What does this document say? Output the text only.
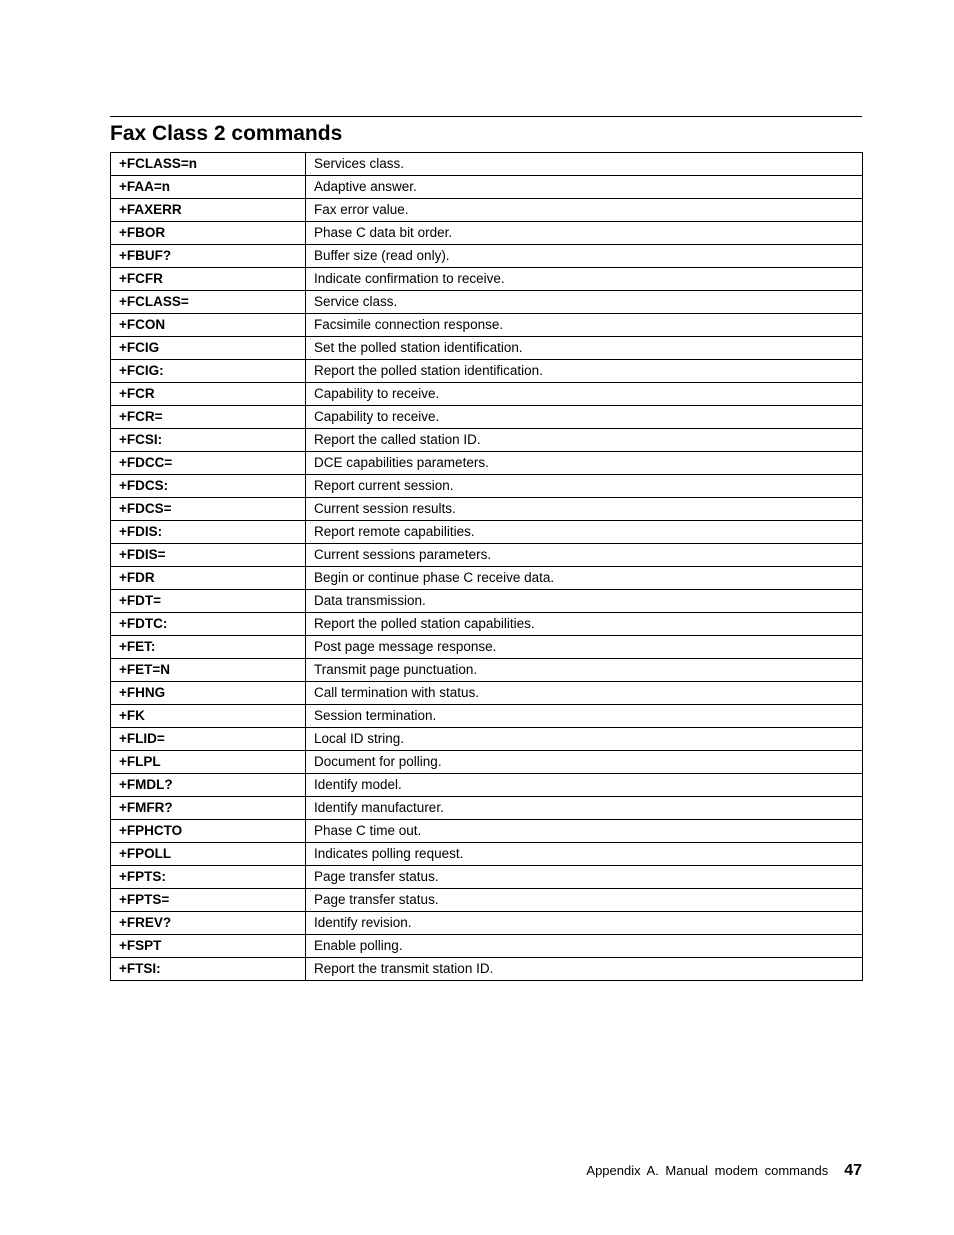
Fax Class 2 commands
+FCLASS=n	Services class.
+FAA=n	Adaptive answer.
+FAXERR	Fax error value.
+FBOR	Phase C data bit order.
+FBUF?	Buffer size (read only).
+FCFR	Indicate confirmation to receive.
+FCLASS=	Service class.
+FCON	Facsimile connection response.
+FCIG	Set the polled station identification.
+FCIG:	Report the polled station identification.
+FCR	Capability to receive.
+FCR=	Capability to receive.
+FCSI:	Report the called station ID.
+FDCC=	DCE capabilities parameters.
+FDCS:	Report current session.
+FDCS=	Current session results.
+FDIS:	Report remote capabilities.
+FDIS=	Current sessions parameters.
+FDR	Begin or continue phase C receive data.
+FDT=	Data transmission.
+FDTC:	Report the polled station capabilities.
+FET:	Post page message response.
+FET=N	Transmit page punctuation.
+FHNG	Call termination with status.
+FK	Session termination.
+FLID=	Local ID string.
+FLPL	Document for polling.
+FMDL?	Identify model.
+FMFR?	Identify manufacturer.
+FPHCTO	Phase C time out.
+FPOLL	Indicates polling request.
+FPTS:	Page transfer status.
+FPTS=	Page transfer status.
+FREV?	Identify revision.
+FSPT	Enable polling.
+FTSI:	Report the transmit station ID.
Appendix A. Manual modem commands 47
